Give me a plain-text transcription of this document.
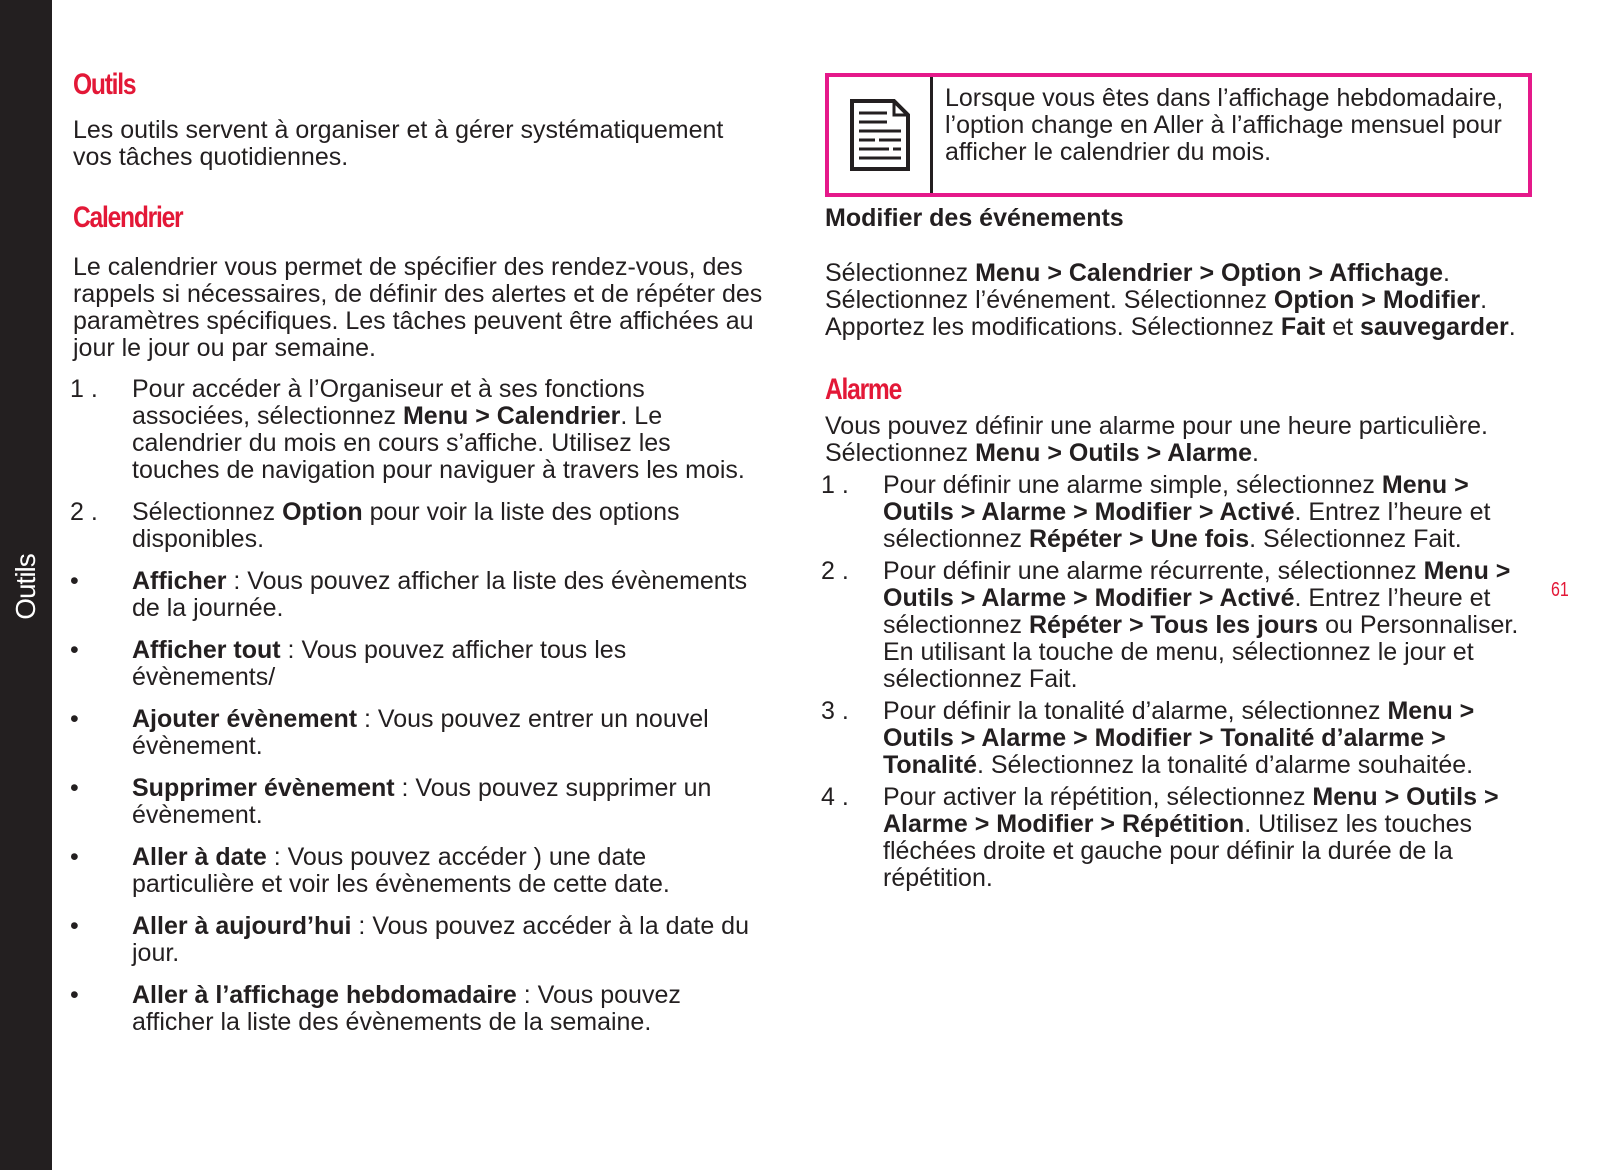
Outils
Outils

Les outils servent à organiser et à gérer systématiquement vos tâches quotidiennes.

Calendrier

Le calendrier vous permet de spécifier des rendez-vous, des rappels si nécessaires, de définir des alertes et de répéter des paramètres spécifiques. Les tâches peuvent être affichées au jour le jour ou par semaine.

1 .	Pour accéder à l’Organiseur et à ses fonctions associées, sélectionnez Menu > Calendrier. Le calendrier du mois en cours s’affiche. Utilisez les touches de navigation pour naviguer à travers les mois.
2 .	Sélectionnez Option pour voir la liste des options disponibles.
•	Afficher : Vous pouvez afficher la liste des évènements de la journée.
•	Afficher tout : Vous pouvez afficher tous les évènements/
•	Ajouter évènement : Vous pouvez entrer un nouvel évènement.
•	Supprimer évènement : Vous pouvez supprimer un évènement.
•	Aller à date : Vous pouvez accéder ) une date particulière et voir les évènements de cette date.
•	Aller à aujourd’hui : Vous pouvez accéder à la date du jour.
•	Aller à l’affichage hebdomadaire : Vous pouvez afficher la liste des évènements de la semaine.
Lorsque vous êtes dans l’affichage hebdomadaire, l’option change en Aller à l’affichage mensuel pour afficher le calendrier du mois.

Modifier des événements

Sélectionnez Menu > Calendrier > Option > Affichage. Sélectionnez l’événement. Sélectionnez Option > Modifier. Apportez les modifications. Sélectionnez Fait et sauvegarder.

Alarme

Vous pouvez définir une alarme pour une heure particulière. Sélectionnez Menu > Outils > Alarme.

1 .	Pour définir une alarme simple, sélectionnez Menu > Outils > Alarme > Modifier > Activé. Entrez l’heure et sélectionnez Répéter > Une fois. Sélectionnez Fait.
2 .	Pour définir une alarme récurrente, sélectionnez Menu > Outils > Alarme > Modifier > Activé. Entrez l’heure et sélectionnez Répéter > Tous les jours ou Personnaliser. En utilisant la touche de menu, sélectionnez le jour et sélectionnez Fait.
3 .	Pour définir la tonalité d’alarme, sélectionnez Menu > Outils > Alarme > Modifier > Tonalité d’alarme > Tonalité. Sélectionnez la tonalité d’alarme souhaitée.
4 .	Pour activer la répétition, sélectionnez Menu > Outils > Alarme > Modifier > Répétition. Utilisez les touches fléchées droite et gauche pour définir la durée de la répétition.
61
